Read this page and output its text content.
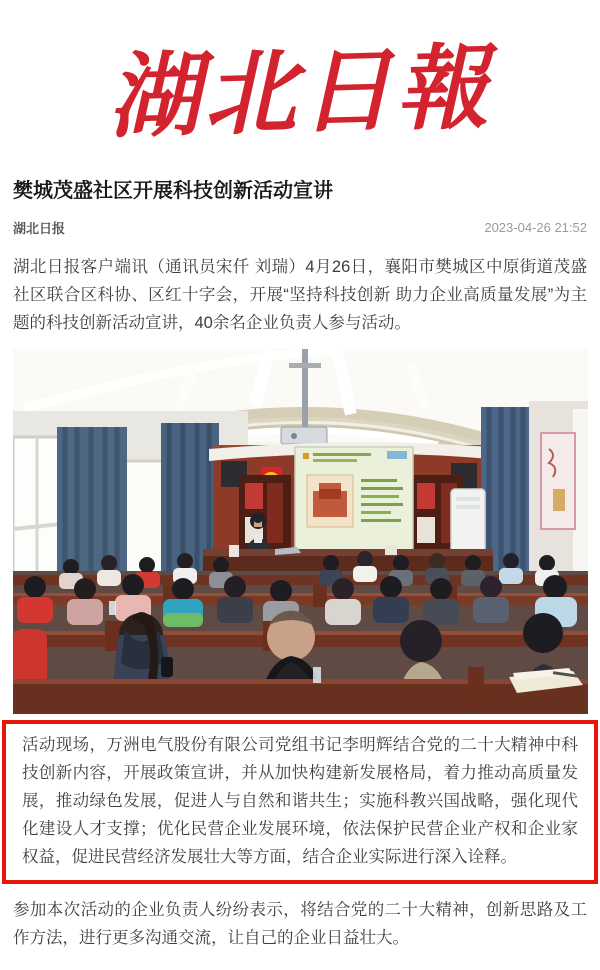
湖北日報
樊城茂盛社区开展科技创新活动宣讲
湖北日报	2023-04-26 21:52

湖北日报客户端讯（通讯员宋仟 刘瑞）4月26日，襄阳市樊城区中原街道茂盛社区联合区科协、区红十字会，开展“坚持科技创新 助力企业高质量发展”为主题的科技创新活动宣讲，40余名企业负责人参与活动。

活动现场，万洲电气股份有限公司党组书记李明辉结合党的二十大精神中科技创新内容，开展政策宣讲，并从加快构建新发展格局，着力推动高质量发展，推动绿色发展，促进人与自然和谐共生；实施科教兴国战略，强化现代化建设人才支撑；优化民营企业发展环境，依法保护民营企业产权和企业家权益，促进民营经济发展壮大等方面，结合企业实际进行深入诠释。

参加本次活动的企业负责人纷纷表示，将结合党的二十大精神，创新思路及工作方法，进行更多沟通交流，让自己的企业日益壮大。
